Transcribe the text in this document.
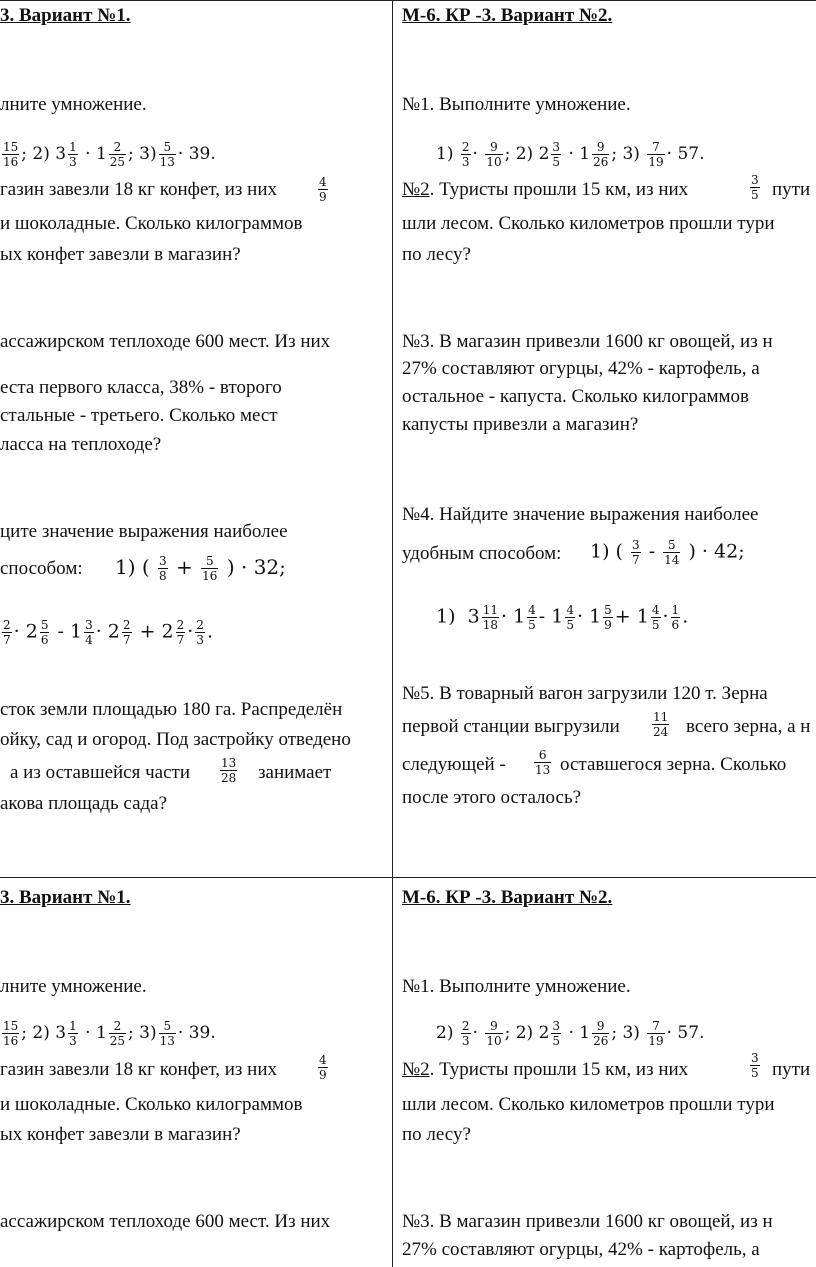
3. Вариант №1.
лните умножение.
$\frac{15}{16}$ ; 2) $3 \frac{1}{3} \cdot 1 \frac{2}{25}$ ; $3) \frac{5}{13} \cdot 39$.
газин завезли 18 кг конфет, из них	$\frac{4}{9}$
и шоколадные. Сколько килограммов
ых конфет завезли в магазин?
ассажирском теплоходе 600 мест. Из них
еста первого класса, 38% - второго
стальные - третьего. Сколько мест
ласса на теплоходе?
ците значение выражения наиболее
способом: 1) ( $\frac{3}{8} + \frac{5}{16}$ ) · 32;
$\frac{2}{7} \cdot 2 \frac{5}{6} - 1 \frac{3}{4} \cdot 2 \frac{2}{7} + 2 \frac{2}{7} \cdot \frac{2}{3}$ .
сток земли площадью 180 га. Распределён
ойку, сад и огород. Под застройку отведено
а из оставшейся части	$\frac{13}{28}$ занимает
акова площадь сада?
М-6. КР -3. Вариант №2.
№1. Выполните умножение.
$1) \frac{2}{3} \cdot \frac{9}{10}$ ; 2) $2 \frac{3}{5} \cdot 1 \frac{9}{26}$ ; $3) \frac{7}{19} \cdot 57$.
№2. Туристы прошли 15 км, из них	$\frac{3}{5}$ пути
шли лесом. Сколько километров прошли тури
по лесу?
№3. В магазин привезли 1600 кг овощей, из н
27% составляют огурцы, 42% - картофель, а
остальное - капуста. Сколько килограммов
капусты привезли а магазин?
№4. Найдите значение выражения наиболее
удобным способом: 1) ( $\frac{3}{7} - \frac{5}{14}$ ) · 42;
1)  $3 \frac{11}{18} \cdot 1 \frac{4}{5} - 1 \frac{4}{5} \cdot 1 \frac{5}{9} + 1 \frac{4}{5} \cdot \frac{1}{6}$ .
№5. В товарный вагон загрузили 120 т. Зерна
первой станции выгрузили	$\frac{11}{24}$ всего зерна, а н
следующей - $\frac{6}{13}$ оставшегося зерна. Сколько
после этого осталось?
3. Вариант №1.
лните умножение.
$\frac{15}{16}$ ; 2) $3 \frac{1}{3} \cdot 1 \frac{2}{25}$ ; $3) \frac{5}{13} \cdot 39$.
газин завезли 18 кг конфет, из них	$\frac{4}{9}$
и шоколадные. Сколько килограммов
ых конфет завезли в магазин?
ассажирском теплоходе 600 мест. Из них
М-6. КР -3. Вариант №2.
№1. Выполните умножение.
$2) \frac{2}{3} \cdot \frac{9}{10}$ ; 2) $2 \frac{3}{5} \cdot 1 \frac{9}{26}$ ; $3) \frac{7}{19} \cdot 57$.
№2. Туристы прошли 15 км, из них	$\frac{3}{5}$ пути
шли лесом. Сколько километров прошли тури
по лесу?
№3. В магазин привезли 1600 кг овощей, из н
27% составляют огурцы, 42% - картофель, а
